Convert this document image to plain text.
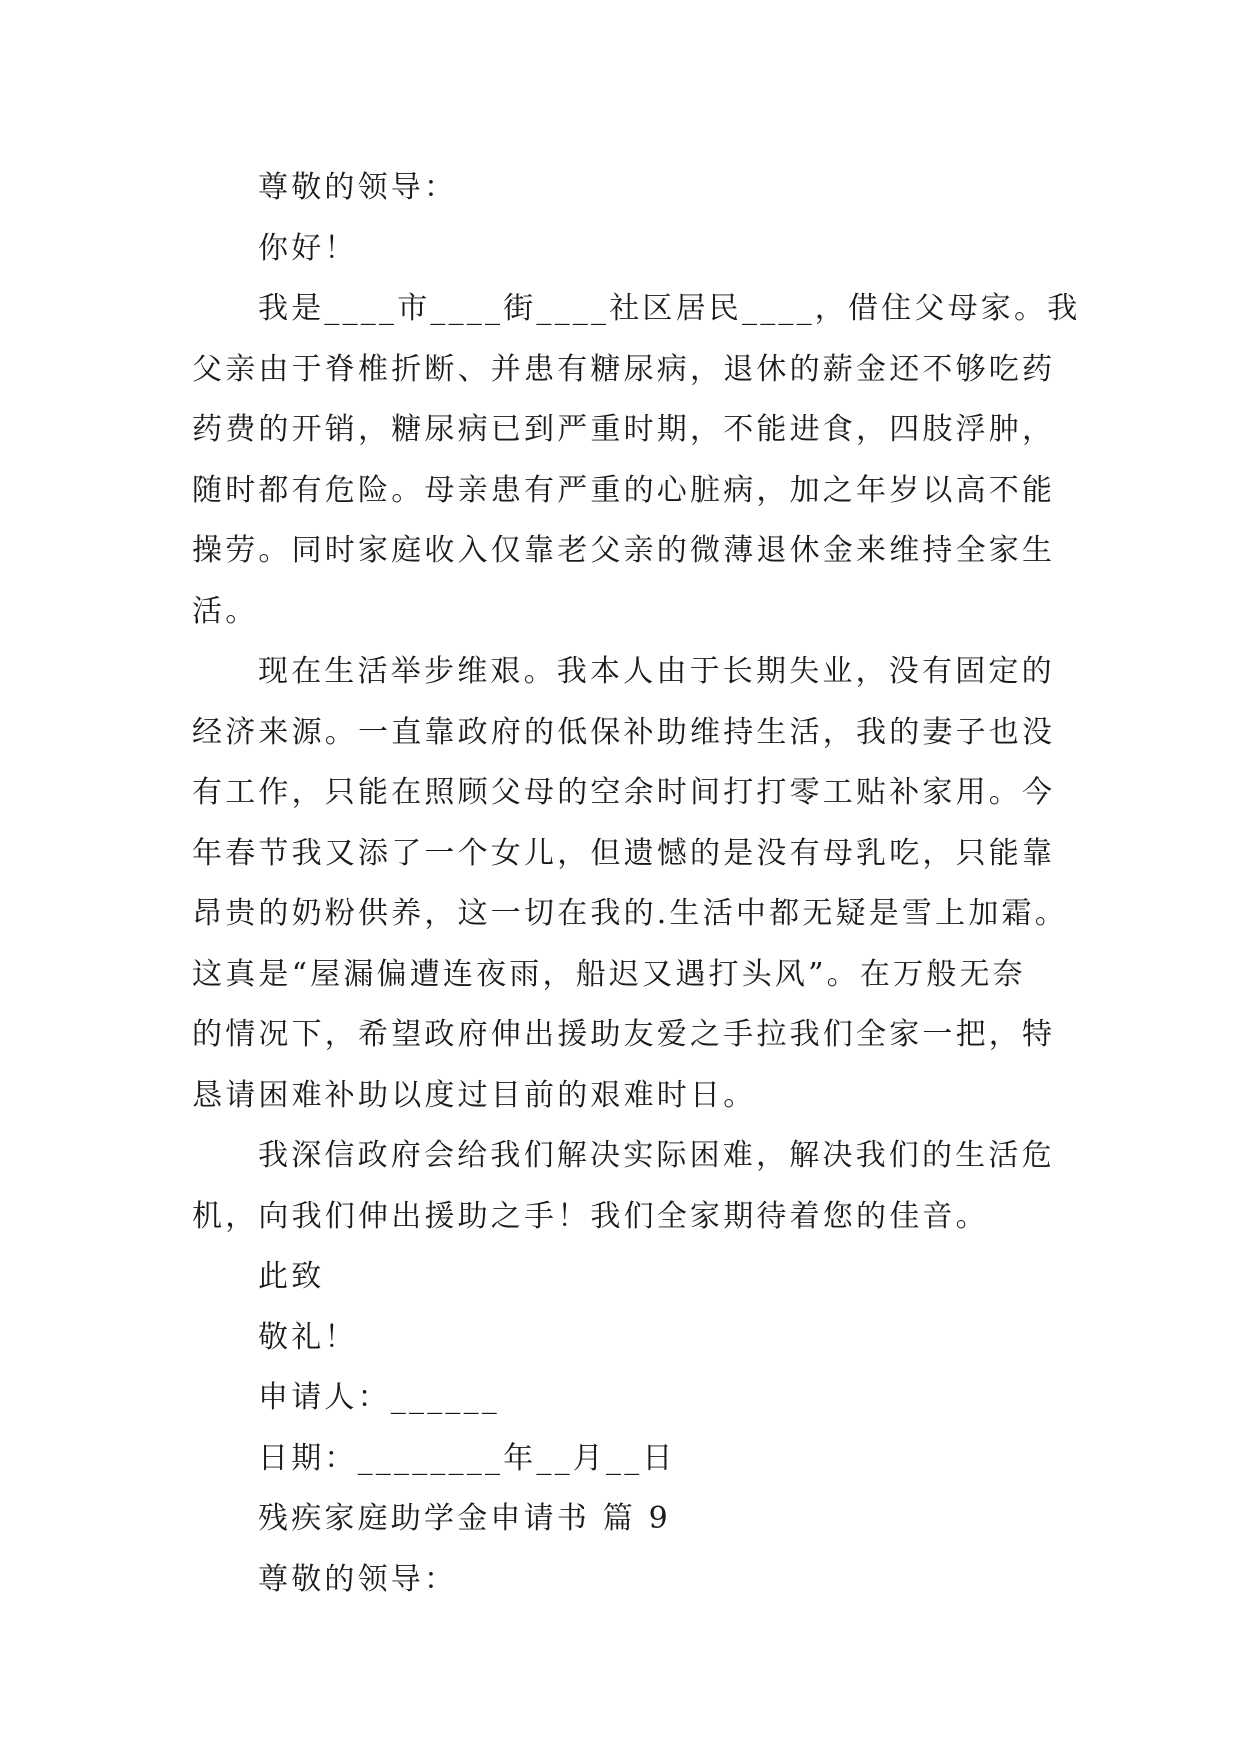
尊敬的领导：

你好！

我是____市____街____社区居民____，借住父母家。我

父亲由于脊椎折断、并患有糖尿病，退休的薪金还不够吃药

药费的开销，糖尿病已到严重时期，不能进食，四肢浮肿，

随时都有危险。母亲患有严重的心脏病，加之年岁以高不能

操劳。同时家庭收入仅靠老父亲的微薄退休金来维持全家生

活。

现在生活举步维艰。我本人由于长期失业，没有固定的

经济来源。一直靠政府的低保补助维持生活，我的妻子也没

有工作，只能在照顾父母的空余时间打打零工贴补家用。今

年春节我又添了一个女儿，但遗憾的是没有母乳吃，只能靠

昂贵的奶粉供养，这一切在我的.生活中都无疑是雪上加霜。

这真是“屋漏偏遭连夜雨，船迟又遇打头风”。在万般无奈

的情况下，希望政府伸出援助友爱之手拉我们全家一把，特

恳请困难补助以度过目前的艰难时日。

我深信政府会给我们解决实际困难，解决我们的生活危

机，向我们伸出援助之手！我们全家期待着您的佳音。

此致

敬礼！

申请人：______

日期：________年__月__日

残疾家庭助学金申请书 篇 9

尊敬的领导：
